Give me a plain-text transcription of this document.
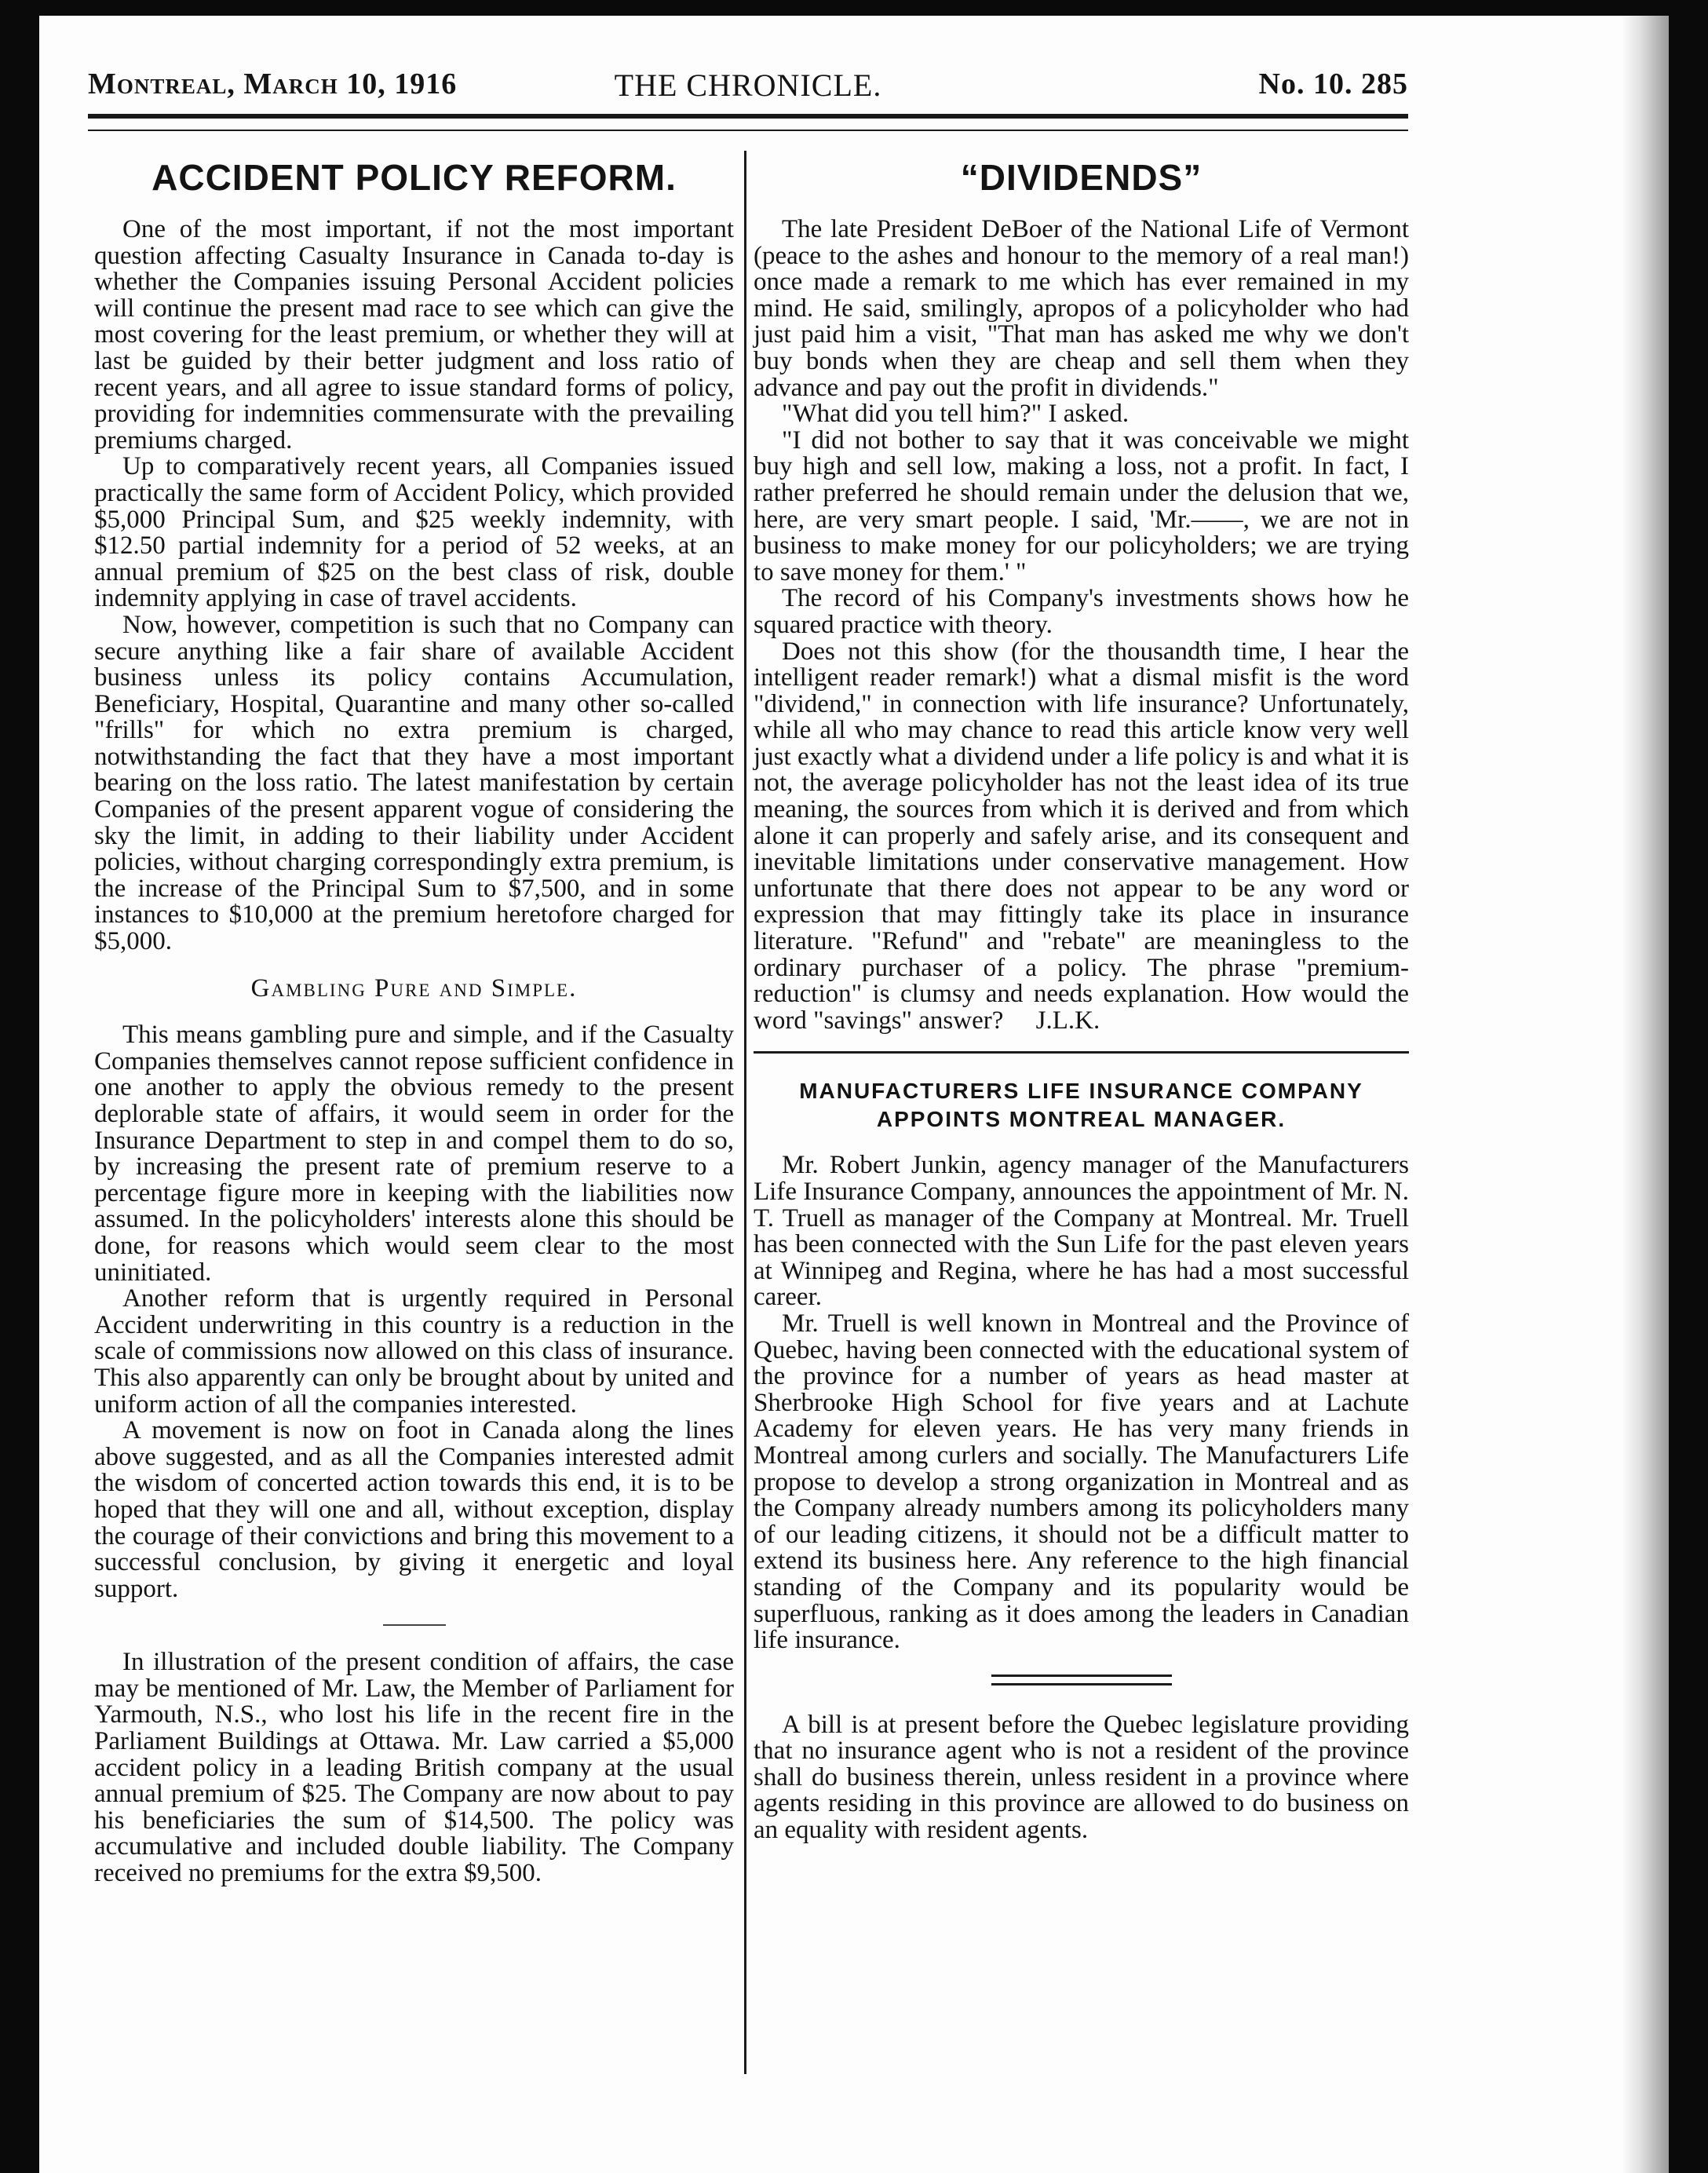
Montreal, March 10, 1916	THE CHRONICLE.	No. 10. 285
ACCIDENT POLICY REFORM.

One of the most important, if not the most important question affecting Casualty Insurance in Canada to-day is whether the Companies issuing Personal Accident policies will continue the present mad race to see which can give the most covering for the least premium, or whether they will at last be guided by their better judgment and loss ratio of recent years, and all agree to issue standard forms of policy, providing for indemnities commensurate with the prevailing premiums charged.

Up to comparatively recent years, all Companies issued practically the same form of Accident Policy, which provided $5,000 Principal Sum, and $25 weekly indemnity, with $12.50 partial indemnity for a period of 52 weeks, at an annual premium of $25 on the best class of risk, double indemnity applying in case of travel accidents.

Now, however, competition is such that no Company can secure anything like a fair share of available Accident business unless its policy contains Accumulation, Beneficiary, Hospital, Quarantine and many other so-called "frills" for which no extra premium is charged, notwithstanding the fact that they have a most important bearing on the loss ratio. The latest manifestation by certain Companies of the present apparent vogue of considering the sky the limit, in adding to their liability under Accident policies, without charging correspondingly extra premium, is the increase of the Principal Sum to $7,500, and in some instances to $10,000 at the premium heretofore charged for $5,000.

Gambling Pure and Simple.

This means gambling pure and simple, and if the Casualty Companies themselves cannot repose sufficient confidence in one another to apply the obvious remedy to the present deplorable state of affairs, it would seem in order for the Insurance Department to step in and compel them to do so, by increasing the present rate of premium reserve to a percentage figure more in keeping with the liabilities now assumed. In the policyholders' interests alone this should be done, for reasons which would seem clear to the most uninitiated.

Another reform that is urgently required in Personal Accident underwriting in this country is a reduction in the scale of commissions now allowed on this class of insurance. This also apparently can only be brought about by united and uniform action of all the companies interested.

A movement is now on foot in Canada along the lines above suggested, and as all the Companies interested admit the wisdom of concerted action towards this end, it is to be hoped that they will one and all, without exception, display the courage of their convictions and bring this movement to a successful conclusion, by giving it energetic and loyal support.

In illustration of the present condition of affairs, the case may be mentioned of Mr. Law, the Member of Parliament for Yarmouth, N.S., who lost his life in the recent fire in the Parliament Buildings at Ottawa. Mr. Law carried a $5,000 accident policy in a leading British company at the usual annual premium of $25. The Company are now about to pay his beneficiaries the sum of $14,500. The policy was accumulative and included double liability. The Company received no premiums for the extra $9,500.

“DIVIDENDS”

The late President DeBoer of the National Life of Vermont (peace to the ashes and honour to the memory of a real man!) once made a remark to me which has ever remained in my mind. He said, smilingly, apropos of a policyholder who had just paid him a visit, "That man has asked me why we don't buy bonds when they are cheap and sell them when they advance and pay out the profit in dividends."

"What did you tell him?" I asked.

"I did not bother to say that it was conceivable we might buy high and sell low, making a loss, not a profit. In fact, I rather preferred he should remain under the delusion that we, here, are very smart people. I said, 'Mr.——, we are not in business to make money for our policyholders; we are trying to save money for them.' "

The record of his Company's investments shows how he squared practice with theory.

Does not this show (for the thousandth time, I hear the intelligent reader remark!) what a dismal misfit is the word "dividend," in connection with life insurance? Unfortunately, while all who may chance to read this article know very well just exactly what a dividend under a life policy is and what it is not, the average policyholder has not the least idea of its true meaning, the sources from which it is derived and from which alone it can properly and safely arise, and its consequent and inevitable limitations under conservative management. How unfortunate that there does not appear to be any word or expression that may fittingly take its place in insurance literature. "Refund" and "rebate" are meaningless to the ordinary purchaser of a policy. The phrase "premium-reduction" is clumsy and needs explanation. How would the word "savings" answer? J.L.K.

MANUFACTURERS LIFE INSURANCE COMPANY
APPOINTS MONTREAL MANAGER.

Mr. Robert Junkin, agency manager of the Manufacturers Life Insurance Company, announces the appointment of Mr. N. T. Truell as manager of the Company at Montreal. Mr. Truell has been connected with the Sun Life for the past eleven years at Winnipeg and Regina, where he has had a most successful career.

Mr. Truell is well known in Montreal and the Province of Quebec, having been connected with the educational system of the province for a number of years as head master at Sherbrooke High School for five years and at Lachute Academy for eleven years. He has very many friends in Montreal among curlers and socially. The Manufacturers Life propose to develop a strong organization in Montreal and as the Company already numbers among its policyholders many of our leading citizens, it should not be a difficult matter to extend its business here. Any reference to the high financial standing of the Company and its popularity would be superfluous, ranking as it does among the leaders in Canadian life insurance.

A bill is at present before the Quebec legislature providing that no insurance agent who is not a resident of the province shall do business therein, unless resident in a province where agents residing in this province are allowed to do business on an equality with resident agents.
